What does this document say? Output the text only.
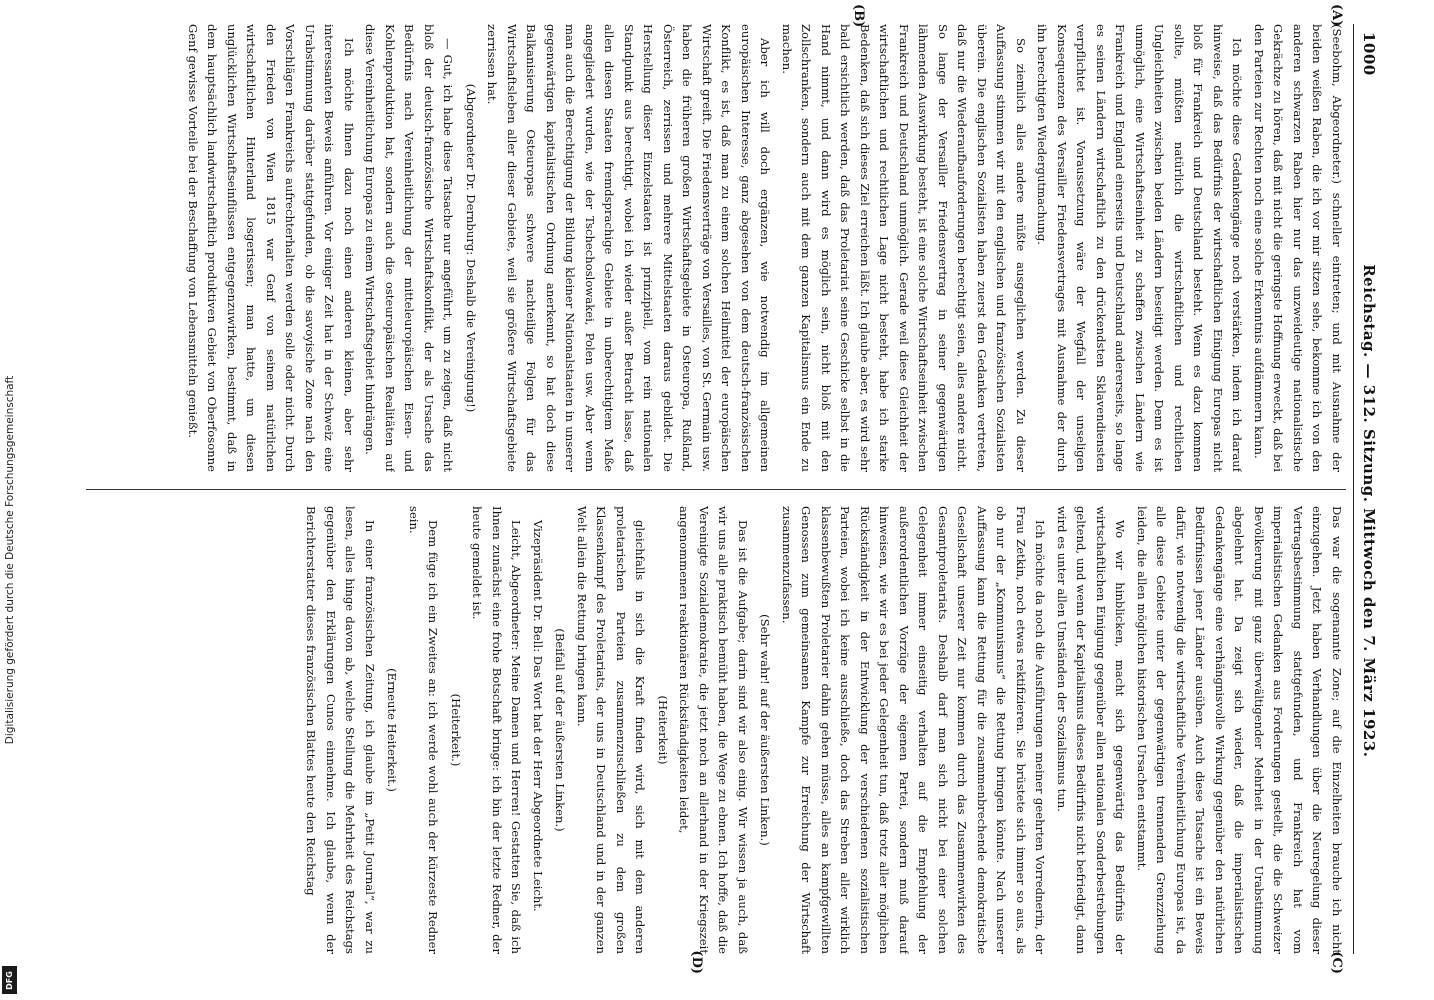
Digitalisierung gefördert durch die Deutsche Forschungsgemeinschaft
DFG
1000
Reichstag. — 312. Sitzung. Mittwoch den 7. März 1923.
(A)
(B)
(C)
(D)

(Seebohm, Abgeordneter.) schneller eintreten; und mit Ausnahme der beiden weißen Raben, die ich vor mir sitzen sehe, bekomme ich von den anderen schwarzen Raben hier nur das unzweideutige nationalistische Gekrächze zu hören, daß mit nicht die geringste Hoffnung erweckt, daß bei den Parteien zur Rechten noch eine solche Erkenntnis aufdämmern kann.

Ich möchte diese Gedankengänge noch verstärken, indem ich darauf hinweise, daß das Bedürfnis der wirtschaftlichen Einigung Europas nicht bloß für Frankreich und Deutschland besteht. Wenn es dazu kommen sollte, müßten natürlich die wirtschaftlichen und rechtlichen Ungleichheiten zwischen beiden Ländern beseitigt werden. Denn es ist unmöglich, eine Wirtschaftseinheit zu schaffen zwischen Ländern wie Frankreich und England einerseits und Deutschland andererseits, so lange es seinen Ländern wirtschaftlich zu den drückendsten Sklavendiensten verpflichtet ist. Voraussetzung wäre der Wegfall der unseligen Konsequenzen des Versailler Friedensvertrages mit Ausnahme der durch ihn berechtigten Wiedergutmachung.

So ziemlich alles andere müßte ausgeglichen werden. Zu dieser Auffassung stimmen wir mit den englischen und französischen Sozialisten überein. Die englischen Sozialisten haben zuerst den Gedanken vertreten, daß nur die Wiederaufbauforderungen berechtigt seien, alles andere nicht. So lange der Versailler Friedensvertrag in seiner gegenwärtigen lähmenden Auswirkung besteht, ist eine solche Wirtschaftseinheit zwischen Frankreich und Deutschland unmöglich. Gerade weil diese Gleichheit der wirtschaftlichen und rechtlichen Lage nicht besteht, habe ich starke Bedenken, daß sich dieses Ziel erreichen läßt. Ich glaube aber, es wird sehr bald ersichtlich werden, daß das Proletariat seine Geschicke selbst in die Hand nimmt, und dann wird es möglich sein, nicht bloß mit den Zollschranken, sondern auch mit dem ganzen Kapitalismus ein Ende zu machen.

Aber ich will doch ergänzen, wie notwendig im allgemeinen europäischen Interesse, ganz abgesehen von dem deutsch-französischen Konflikt, es ist, daß man zu einem solchen Heilmittel der europäischen Wirtschaft greift. Die Friedensverträge von Versailles, von St. Germain usw. haben die früheren großen Wirtschaftsgebiete in Osteuropa, Rußland, Österreich, zerrissen und mehrere Mittelstaaten daraus gebildet. Die Herstellung dieser Einzelstaaten ist prinzipiell, vom rein nationalen Standpunkt aus berechtigt, wobei ich wieder außer Betracht lasse, daß allen diesen Staaten fremdsprachige Gebiete in unberechtigtem Maße angegliedert wurden, wie der Tschechoslowakei, Polen usw. Aber wenn man auch die Berechtigung der Bildung kleiner Nationalstaaten in unserer gegenwärtigen kapitalistischen Ordnung anerkennt, so hat doch diese Balkanisierung Osteuropas schwere nachteilige Folgen für das Wirtschaftsleben aller dieser Gebiete, weil sie größere Wirtschaftsgebiete zerrissen hat.

(Abgeordneter Dr. Dernburg: Deshalb die Vereinigung!)

— Gut, ich habe diese Tatsache nur angeführt, um zu zeigen, daß nicht bloß der deutsch-französische Wirtschaftskonflikt, der als Ursache das Bedürfnis nach Vereinheitlichung der mitteleuropäischen Eisen- und Kohlenproduktion hat, sondern auch die osteuropäischen Realitäten auf diese Vereinheitlichung Europas zu einem Wirtschaftsgebiet hindrängen.

Ich möchte Ihnen dazu noch einen anderen kleinen, aber sehr interessanten Beweis anführen. Vor einiger Zeit hat in der Schweiz eine Urabstimmung darüber stattgefunden, ob die savoyische Zone nach den Vorschlägen Frankreichs aufrechterhalten werden solle oder nicht. Durch den Frieden von Wien 1815 war Genf von seinem natürlichen wirtschaftlichen Hinterland losgerissen; man hatte, um diesen unglücklichen Wirtschaftseinflüssen entgegenzuwirken, bestimmt, daß in dem hauptsächlich landwirtschaftlich produktiven Gebiet von Oberfosonne Genf gewisse Vorteile bei der Beschaffung von Lebensmitteln genießt.

Das war die sogenannte Zone; auf die Einzelheiten brauche ich nicht einzugehen. Jetzt haben Verhandlungen über die Neuregelung dieser Vertragsbestimmung stattgefunden, und Frankreich hat vom imperialistischen Gedanken aus Forderungen gestellt, die die Schweizer Bevölkerung mit ganz überwältigender Mehrheit in der Urabstimmung abgelehnt hat. Da zeigt sich wieder, daß die imperialistischen Gedankengänge eine verhängnisvolle Wirkung gegenüber den natürlichen Bedürfnissen jener Länder ausüben. Auch diese Tatsache ist ein Beweis dafür, wie notwendig die wirtschaftliche Vereinheitlichung Europas ist, da alle diese Gebiete unter der gegenwärtigen trennenden Grenzziehung leiden, die allen möglichen historischen Ursachen entstammt.

Wo wir hinblicken, macht sich gegenwärtig das Bedürfnis der wirtschaftlichen Einigung gegenüber allen nationalen Sonderbestrebungen geltend, und wenn der Kapitalismus dieses Bedürfnis nicht befriedigt, dann wird es unter allen Umständen der Sozialismus tun.

Ich möchte da noch die Ausführungen meiner geehrten Vorrednerin, der Frau Zetkin, noch etwas rektifizieren. Sie brüstete sich immer so aus, als ob nur der „Kommunismus“ die Rettung bringen könnte. Nach unserer Auffassung kann die Rettung für die zusammenbrechende demokratische Gesellschaft unserer Zeit nur kommen durch das Zusammenwirken des Gesamtproletariats. Deshalb darf man sich nicht bei einer solchen Gelegenheit immer einseitig verhalten auf die Empfehlung der außerordentlichen Vorzüge der eigenen Partei, sondern muß darauf hinweisen, wie wir es bei jeder Gelegenheit tun, daß trotz aller möglichen Rückständigkeit in der Entwicklung der verschiedenen sozialistischen Parteien, wobei ich keine ausschließe, doch das Streben aller wirklich klassenbewußten Proletarier dahin gehen müsse, alles an kampfgewillten Genossen zum gemeinsamen Kampfe zur Erreichung der Wirtschaft zusammenzufassen.

(Sehr wahr! auf der äußersten Linken.)

Das ist die Aufgabe; darin sind wir also einig. Wir wissen ja auch, daß wir uns alle praktisch bemüht haben, die Wege zu ebnen. Ich hoffe, daß die Vereinigte Sozialdemokratie, die jetzt noch an allerhand in der Kriegszeit angenommenen reaktionären Rückständigkeiten leidet,

(Heiterkeit)

gleichfalls in sich die Kraft finden wird, sich mit dem anderen proletarischen Parteien zusammenzuschließen zu dem großen Klassenkampf des Proletariats, der uns in Deutschland und in der ganzen Welt allein die Rettung bringen kann.

(Beifall auf der äußersten Linken.)

Vizepräsident Dr. Bell: Das Wort hat der Herr Abgeordnete Leicht.

Leicht, Abgeordneter: Meine Damen und Herren! Gestatten Sie, daß ich Ihnen zunächst eine frohe Botschaft bringe: ich bin der letzte Redner, der heute gemeldet ist.

(Heiterkeit.)

Dem füge ich ein Zweites an: ich werde wohl auch der kürzeste Redner sein.

(Erneute Heiterkeit.)

In einer französischen Zeitung, ich glaube im „Petit Journal“, war zu lesen, alles hinge davon ab, welche Stellung die Mehrheit des Reichstags gegenüber den Erklärungen Cunos einnehme. Ich glaube, wenn der Berichterstatter dieses französischen Blattes heute den Reichstag
